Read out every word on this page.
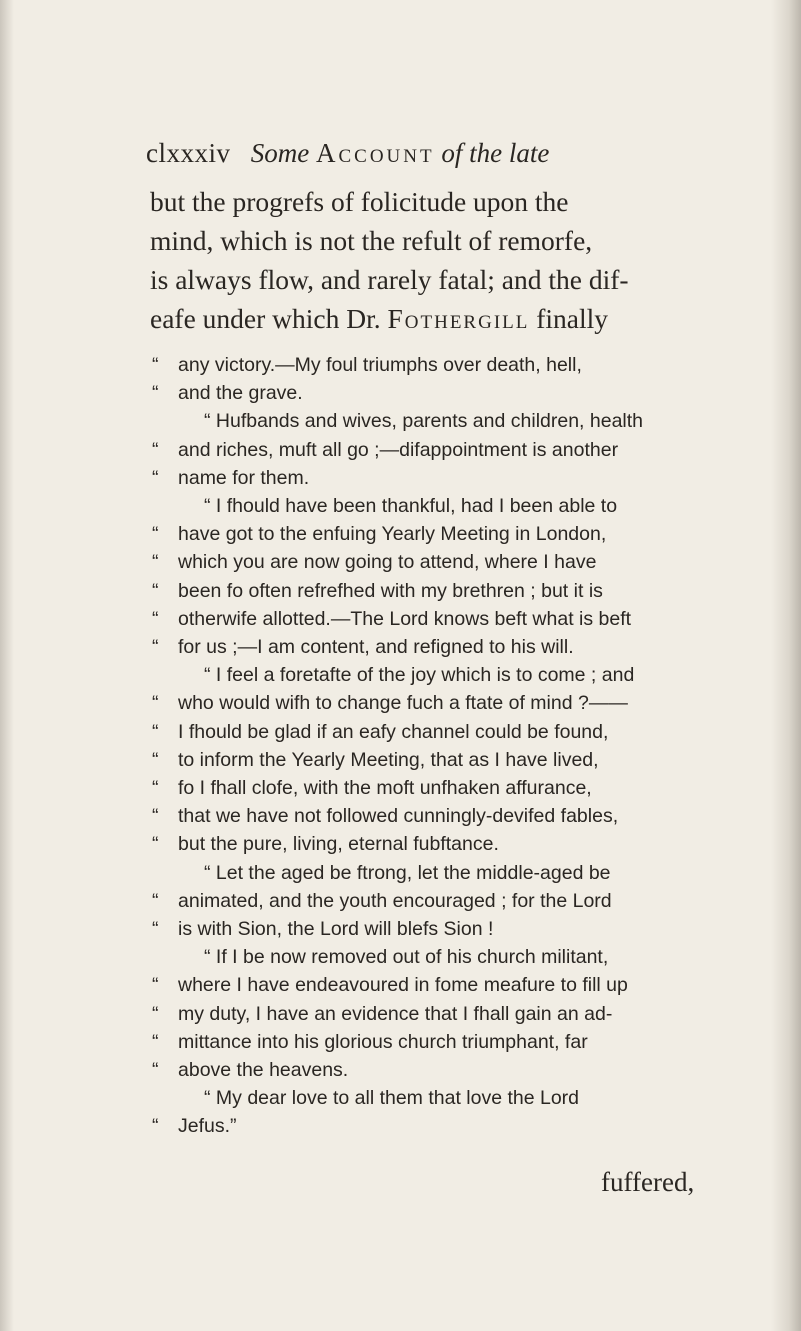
clxxxiv Some Account of the late
but the progrefs of folicitude upon the
mind, which is not the refult of remorfe,
is always flow, and rarely fatal; and the dif-
eafe under which Dr. Fothergill finally
“ any victory.—My foul triumphs over death, hell,
“ and the grave.
“ Hufbands and wives, parents and children, health
“ and riches, muft all go ;—difappointment is another
“ name for them.
“ I fhould have been thankful, had I been able to
“ have got to the enfuing Yearly Meeting in London,
“ which you are now going to attend, where I have
“ been fo often refrefhed with my brethren ; but it is
“ otherwife allotted.—The Lord knows beft what is beft
“ for us ;—I am content, and refigned to his will.
“ I feel a foretafte of the joy which is to come ; and
“ who would wifh to change fuch a ftate of mind ?——
“ I fhould be glad if an eafy channel could be found,
“ to inform the Yearly Meeting, that as I have lived,
“ fo I fhall clofe, with the moft unfhaken affurance,
“ that we have not followed cunningly-devifed fables,
“ but the pure, living, eternal fubftance.
“ Let the aged be ftrong, let the middle-aged be
“ animated, and the youth encouraged ; for the Lord
“ is with Sion, the Lord will blefs Sion !
“ If I be now removed out of his church militant,
“ where I have endeavoured in fome meafure to fill up
“ my duty, I have an evidence that I fhall gain an ad-
“ mittance into his glorious church triumphant, far
“ above the heavens.
“ My dear love to all them that love the Lord
“ Jefus.”
fuffered,
